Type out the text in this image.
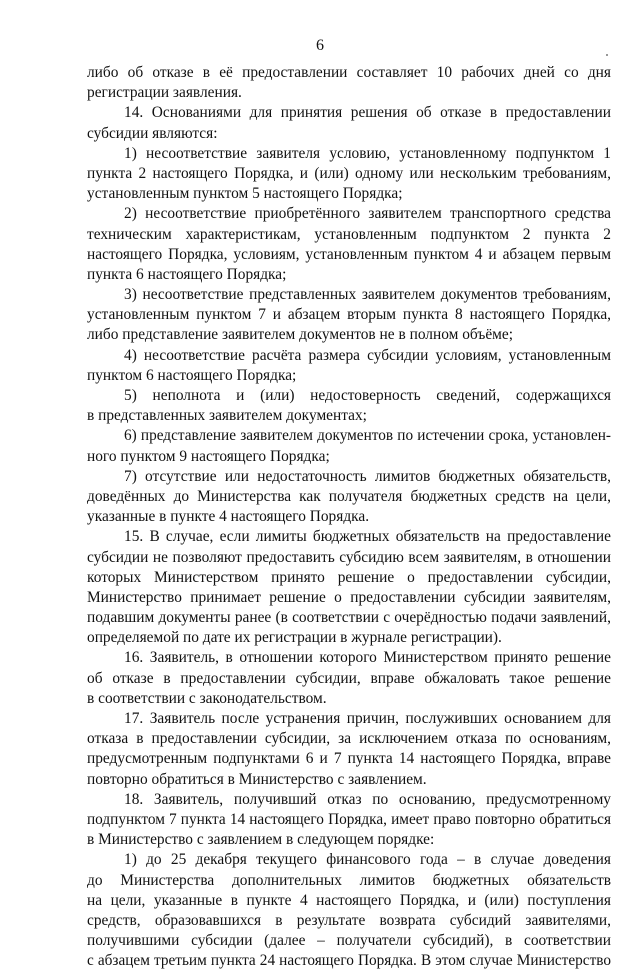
6
либо об отказе в её предоставлении составляет 10 рабочих дней со дня
регистрации заявления.
14. Основаниями для принятия решения об отказе в предоставлении
субсидии являются:
1) несоответствие заявителя условию, установленному подпунктом 1
пункта 2 настоящего Порядка, и (или) одному или нескольким требованиям,
установленным пунктом 5 настоящего Порядка;
2) несоответствие приобретённого заявителем транспортного средства
техническим характеристикам, установленным подпунктом 2 пункта 2
настоящего Порядка, условиям, установленным пунктом 4 и абзацем первым
пункта 6 настоящего Порядка;
3) несоответствие представленных заявителем документов требованиям,
установленным пунктом 7 и абзацем вторым пункта 8 настоящего Порядка,
либо представление заявителем документов не в полном объёме;
4) несоответствие расчёта размера субсидии условиям, установленным
пунктом 6 настоящего Порядка;
5) неполнота и (или) недостоверность сведений, содержащихся
в представленных заявителем документах;
6) представление заявителем документов по истечении срока, установлен-
ного пунктом 9 настоящего Порядка;
7) отсутствие или недостаточность лимитов бюджетных обязательств,
доведённых до Министерства как получателя бюджетных средств на цели,
указанные в пункте 4 настоящего Порядка.
15. В случае, если лимиты бюджетных обязательств на предоставление
субсидии не позволяют предоставить субсидию всем заявителям, в отношении
которых Министерством принято решение о предоставлении субсидии,
Министерство принимает решение о предоставлении субсидии заявителям,
подавшим документы ранее (в соответствии с очерёдностью подачи заявлений,
определяемой по дате их регистрации в журнале регистрации).
16. Заявитель, в отношении которого Министерством принято решение
об отказе в предоставлении субсидии, вправе обжаловать такое решение
в соответствии с законодательством.
17. Заявитель после устранения причин, послуживших основанием для
отказа в предоставлении субсидии, за исключением отказа по основаниям,
предусмотренным подпунктами 6 и 7 пункта 14 настоящего Порядка, вправе
повторно обратиться в Министерство с заявлением.
18. Заявитель, получивший отказ по основанию, предусмотренному
подпунктом 7 пункта 14 настоящего Порядка, имеет право повторно обратиться
в Министерство с заявлением в следующем порядке:
1) до 25 декабря текущего финансового года – в случае доведения
до Министерства дополнительных лимитов бюджетных обязательств
на цели, указанные в пункте 4 настоящего Порядка, и (или) поступления
средств, образовавшихся в результате возврата субсидий заявителями,
получившими субсидии (далее – получатели субсидий), в соответствии
с абзацем третьим пункта 24 настоящего Порядка. В этом случае Министерство
